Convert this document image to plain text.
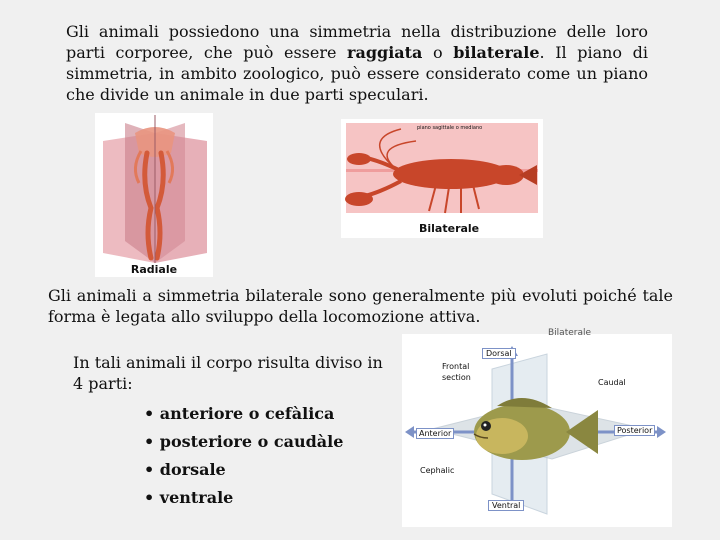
Gli animali possiedono una simmetria nella distribuzione delle loro parti corporee, che può essere raggiata o bilaterale. Il piano di simmetria, in ambito zoologico, può essere considerato come un piano che divide un animale in due parti speculari.

Radiale
piano sagittale o mediano
Bilaterale

Gli animali a simmetria bilaterale sono generalmente più evoluti poiché tale forma è legata allo sviluppo della locomozione attiva.

In tali animali il corpo risulta diviso in 4 parti:

• anteriore o cefàlica
• posteriore o caudàle
• dorsale
• ventrale
Bilaterale
Frontal
section
Dorsal
Caudal
Anterior	Posterior
Cephalic
Ventral
